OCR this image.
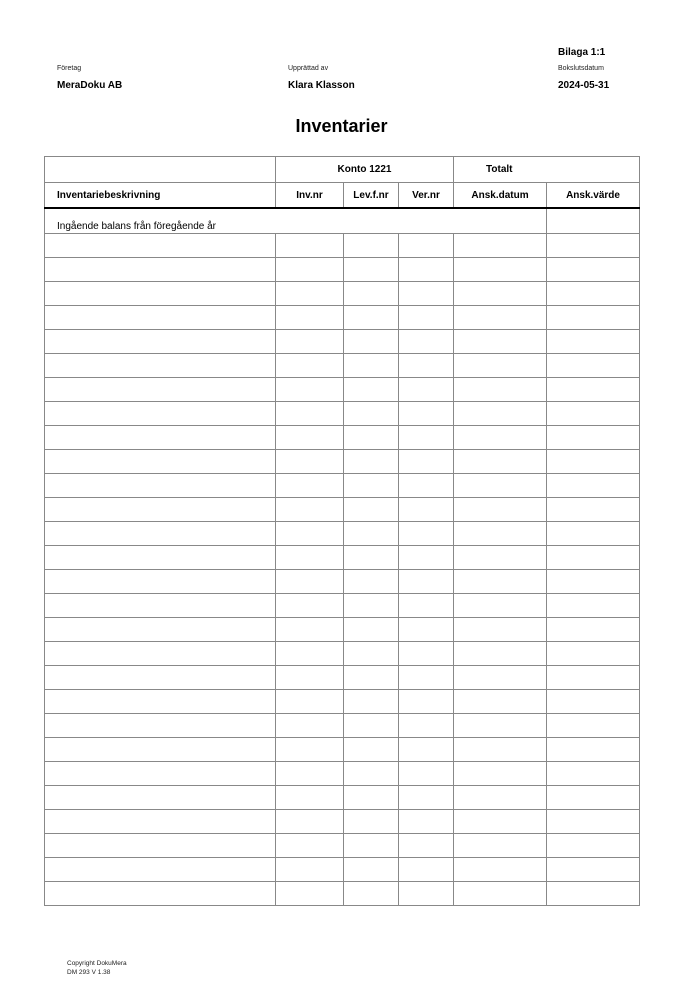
Bilaga 1:1
Företag
MeraDoku AB
Upprättad av
Klara Klasson
Bokslutsdatum
2024-05-31
Inventarier
	Konto 1221			Totalt	
Inventariebeskrivning	Inv.nr	Lev.f.nr	Ver.nr	Ansk.datum	Ansk.värde
Ingående balans från föregående år					

Copyright DokuMera
DM 293 V 1.38
